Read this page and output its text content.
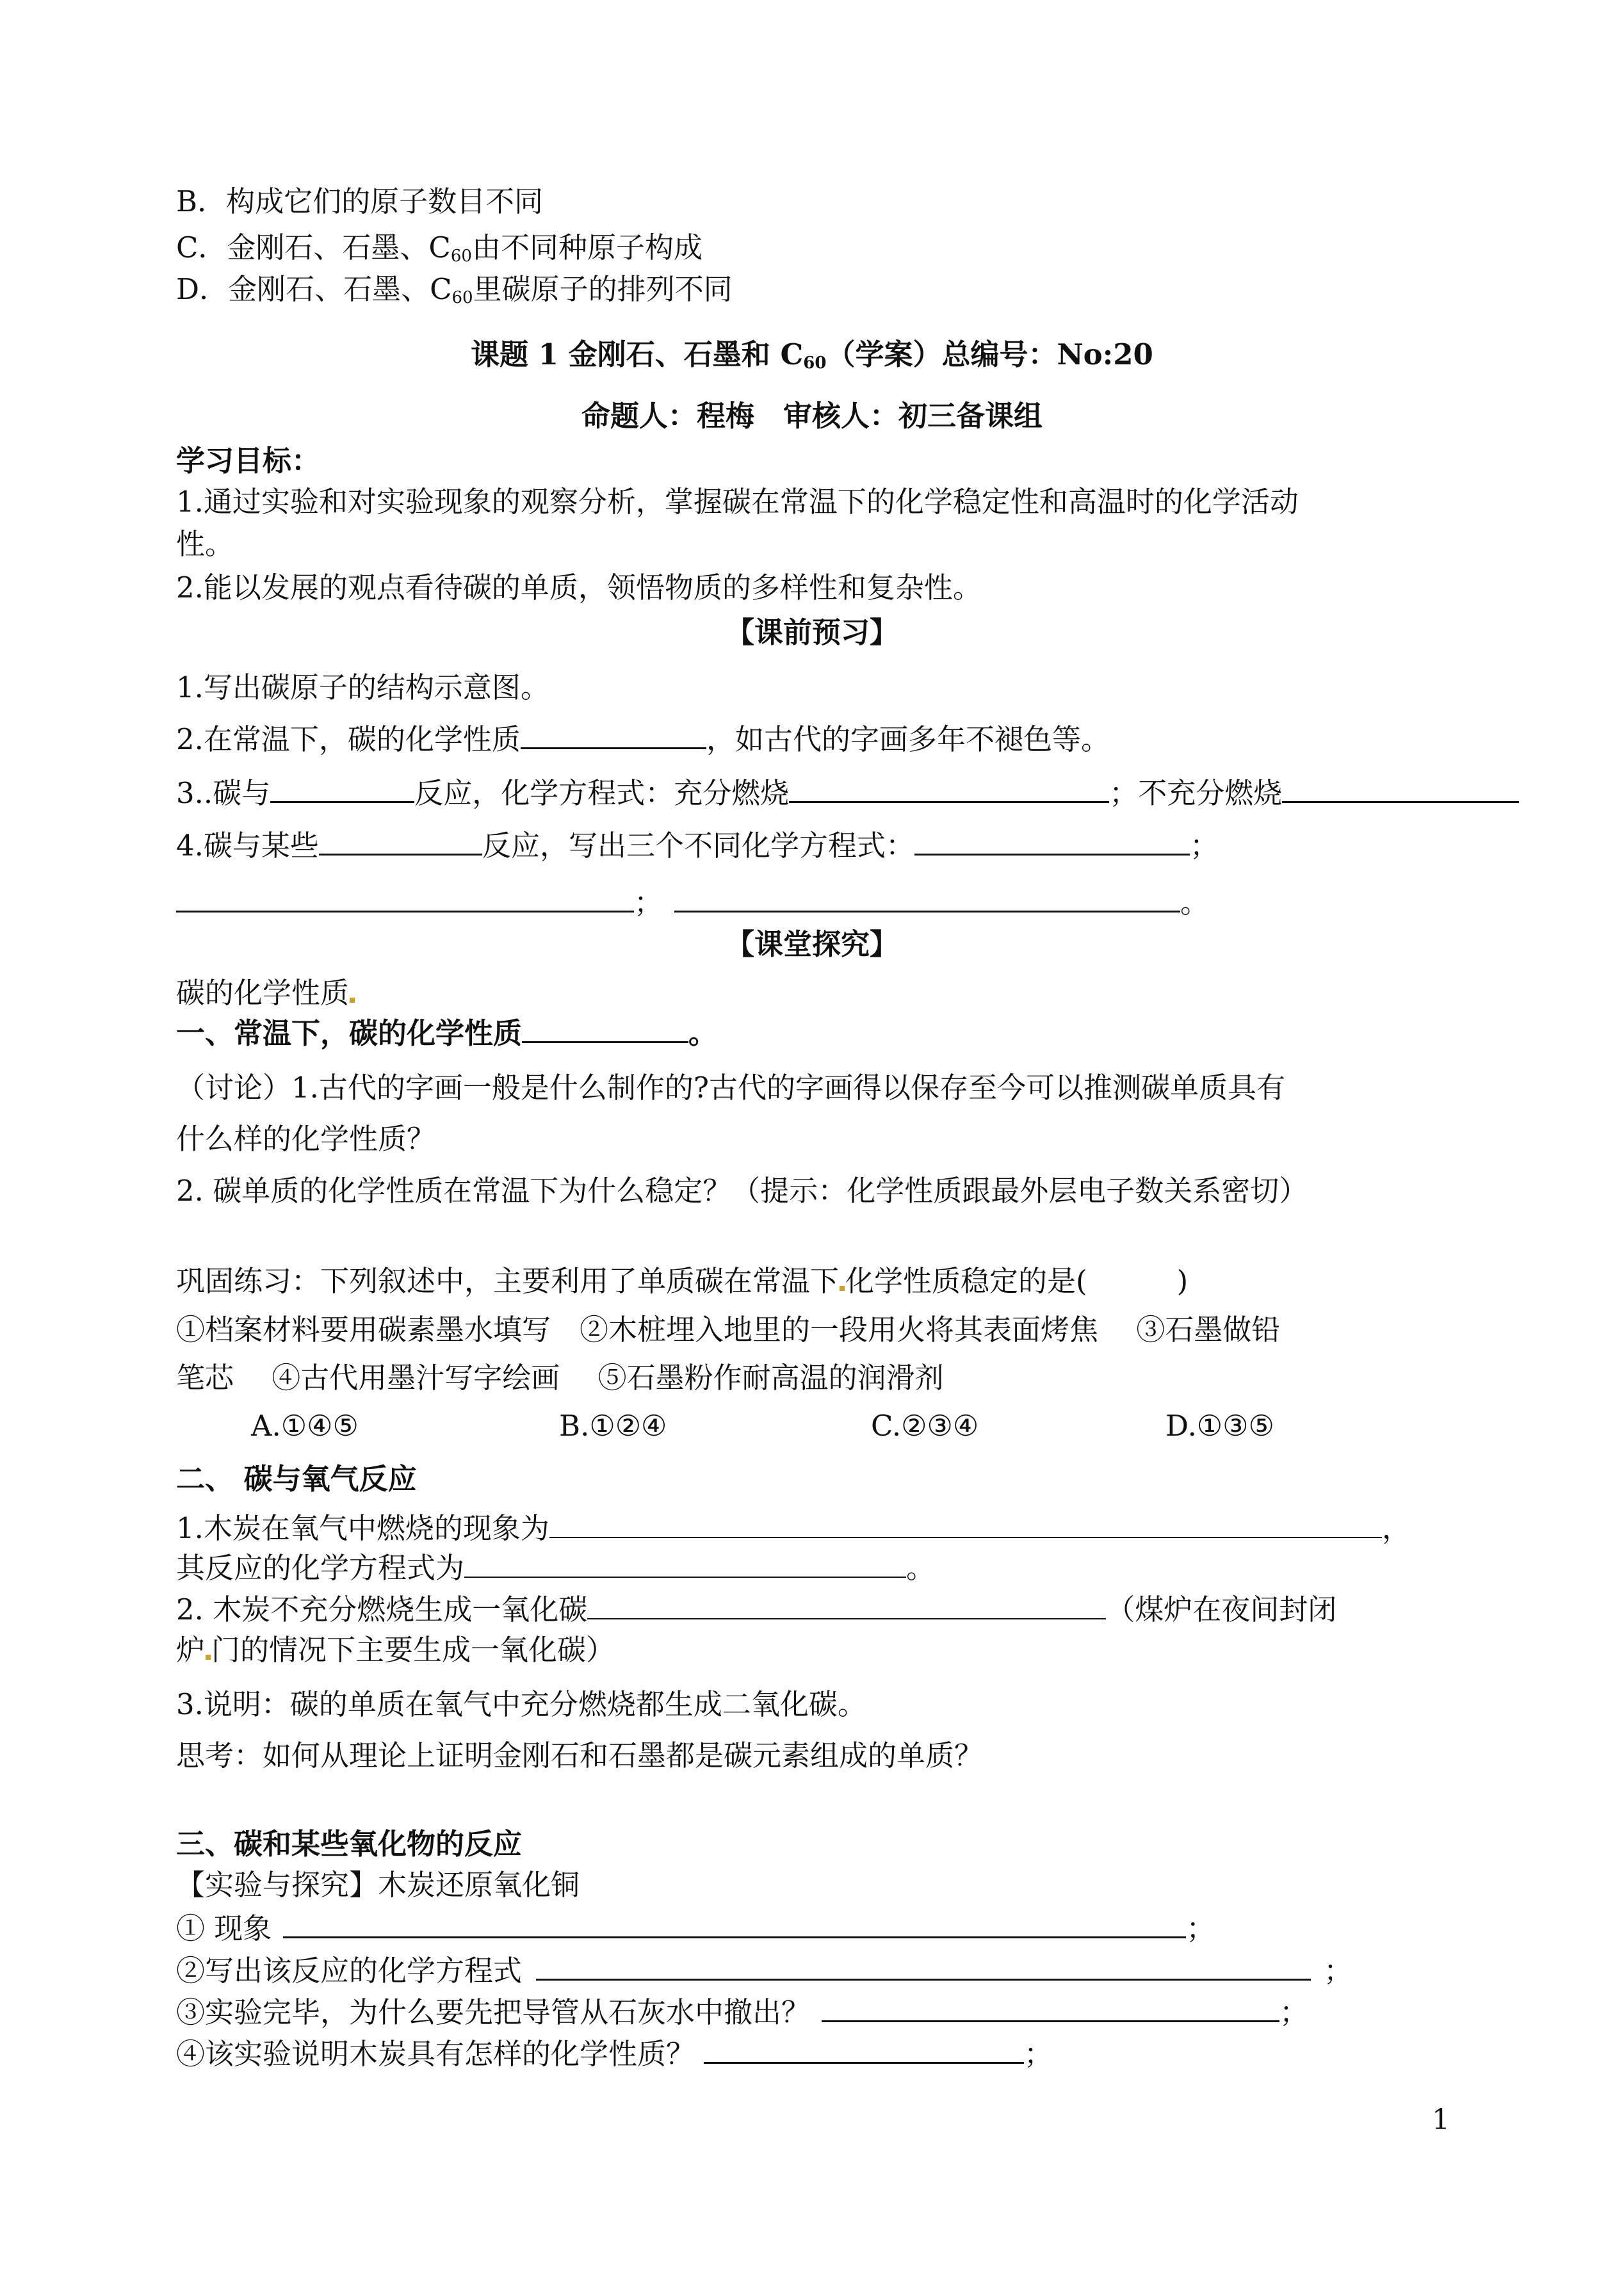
B．构成它们的原子数目不同
C．金刚石、石墨、$C_{60}$由不同种原子构成
D．金刚石、石墨、$C_{60}$里碳原子的排列不同
课题 1 金刚石、石墨和 $C_{60}$（学案）总编号：No:20
命题人：程梅　审核人：初三备课组
学习目标：
1.通过实验和对实验现象的观察分析，掌握碳在常温下的化学稳定性和高温时的化学活动
性。
2.能以发展的观点看待碳的单质，领悟物质的多样性和复杂性。
【课前预习】
1.写出碳原子的结构示意图。
2.在常温下，碳的化学性质	，如古代的字画多年不褪色等。
3..碳与	反应，化学方程式：充分燃烧	；不充分燃烧
4.碳与某些	反应，写出三个不同化学方程式：	；
；	。
【课堂探究】
碳的化学性质
一、常温下，碳的化学性质	。
（讨论）1.古代的字画一般是什么制作的?古代的字画得以保存至今可以推测碳单质具有
什么样的化学性质？
2. 碳单质的化学性质在常温下为什么稳定？（提示：化学性质跟最外层电子数关系密切）
巩固练习：下列叙述中，主要利用了单质碳在常温下 化学性质稳定的是(	)
①档案材料要用碳素墨水填写　②木桩埋入地里的一段用火将其表面烤焦　 ③石墨做铅
笔芯　 ④古代用墨汁写字绘画　 ⑤石墨粉作耐高温的润滑剂
A.①④⑤	B.①②④	C.②③④	D.①③⑤
二、 碳与氧气反应
1.木炭在氧气中燃烧的现象为	，
其反应的化学方程式为	。
2. 木炭不充分燃烧生成一氧化碳	（煤炉在夜间封闭
炉 门的情况下主要生成一氧化碳）
3.说明：碳的单质在氧气中充分燃烧都生成二氧化碳。
思考：如何从理论上证明金刚石和石墨都是碳元素组成的单质？
三、碳和某些氧化物的反应
【实验与探究】木炭还原氧化铜
① 现象	；
②写出该反应的化学方程式	；
③实验完毕，为什么要先把导管从石灰水中撤出？	；
④该实验说明木炭具有怎样的化学性质？	；
1
